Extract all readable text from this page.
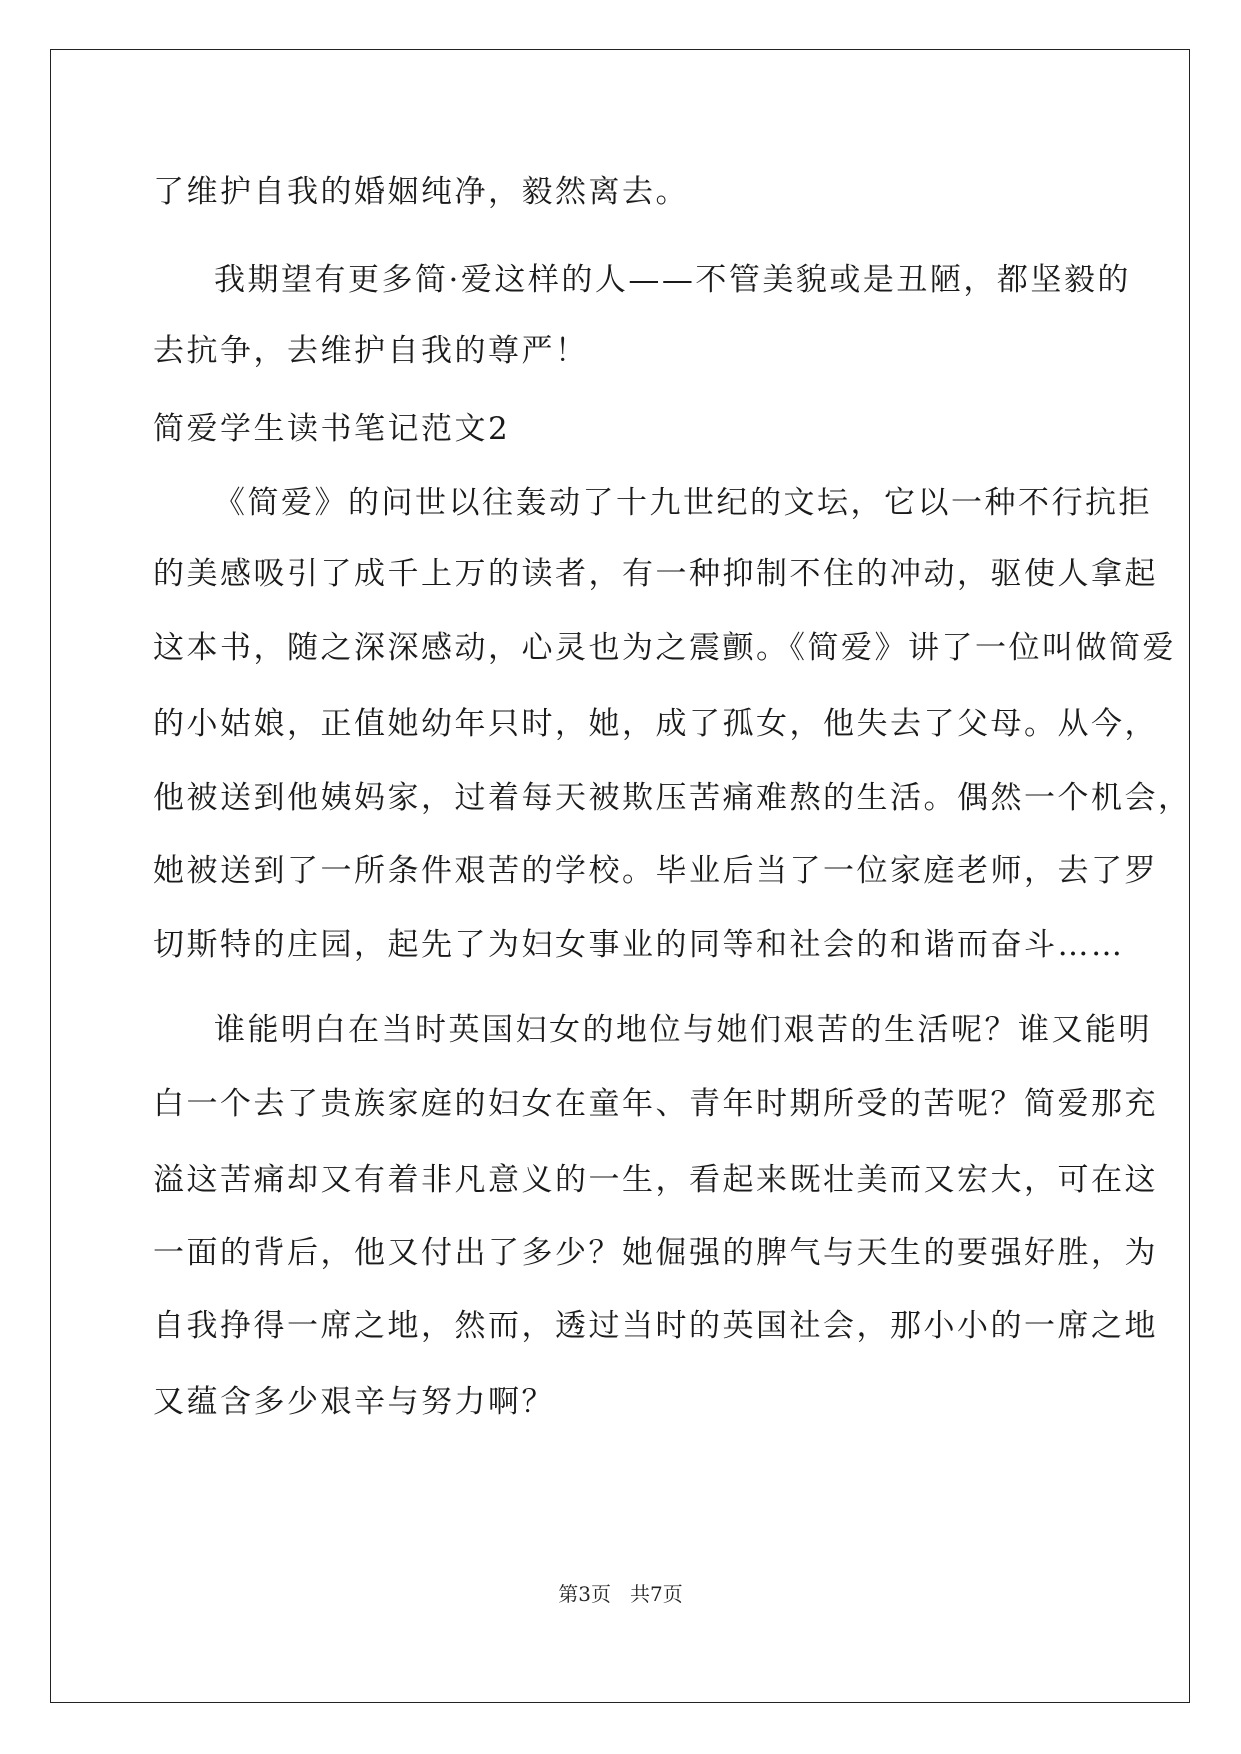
了维护自我的婚姻纯净，毅然离去。
我期望有更多简·爱这样的人——不管美貌或是丑陋，都坚毅的
去抗争，去维护自我的尊严！
简爱学生读书笔记范文2
《简爱》的问世以往轰动了十九世纪的文坛，它以一种不行抗拒
的美感吸引了成千上万的读者，有一种抑制不住的冲动，驱使人拿起
这本书，随之深深感动，心灵也为之震颤。《简爱》讲了一位叫做简爱
的小姑娘，正值她幼年只时，她，成了孤女，他失去了父母。从今，
他被送到他姨妈家，过着每天被欺压苦痛难熬的生活。偶然一个机会，
她被送到了一所条件艰苦的学校。毕业后当了一位家庭老师，去了罗
切斯特的庄园，起先了为妇女事业的同等和社会的和谐而奋斗……
谁能明白在当时英国妇女的地位与她们艰苦的生活呢？谁又能明
白一个去了贵族家庭的妇女在童年、青年时期所受的苦呢？简爱那充
溢这苦痛却又有着非凡意义的一生，看起来既壮美而又宏大，可在这
一面的背后，他又付出了多少？她倔强的脾气与天生的要强好胜，为
自我挣得一席之地，然而，透过当时的英国社会，那小小的一席之地
又蕴含多少艰辛与努力啊？
第3页   共7页
